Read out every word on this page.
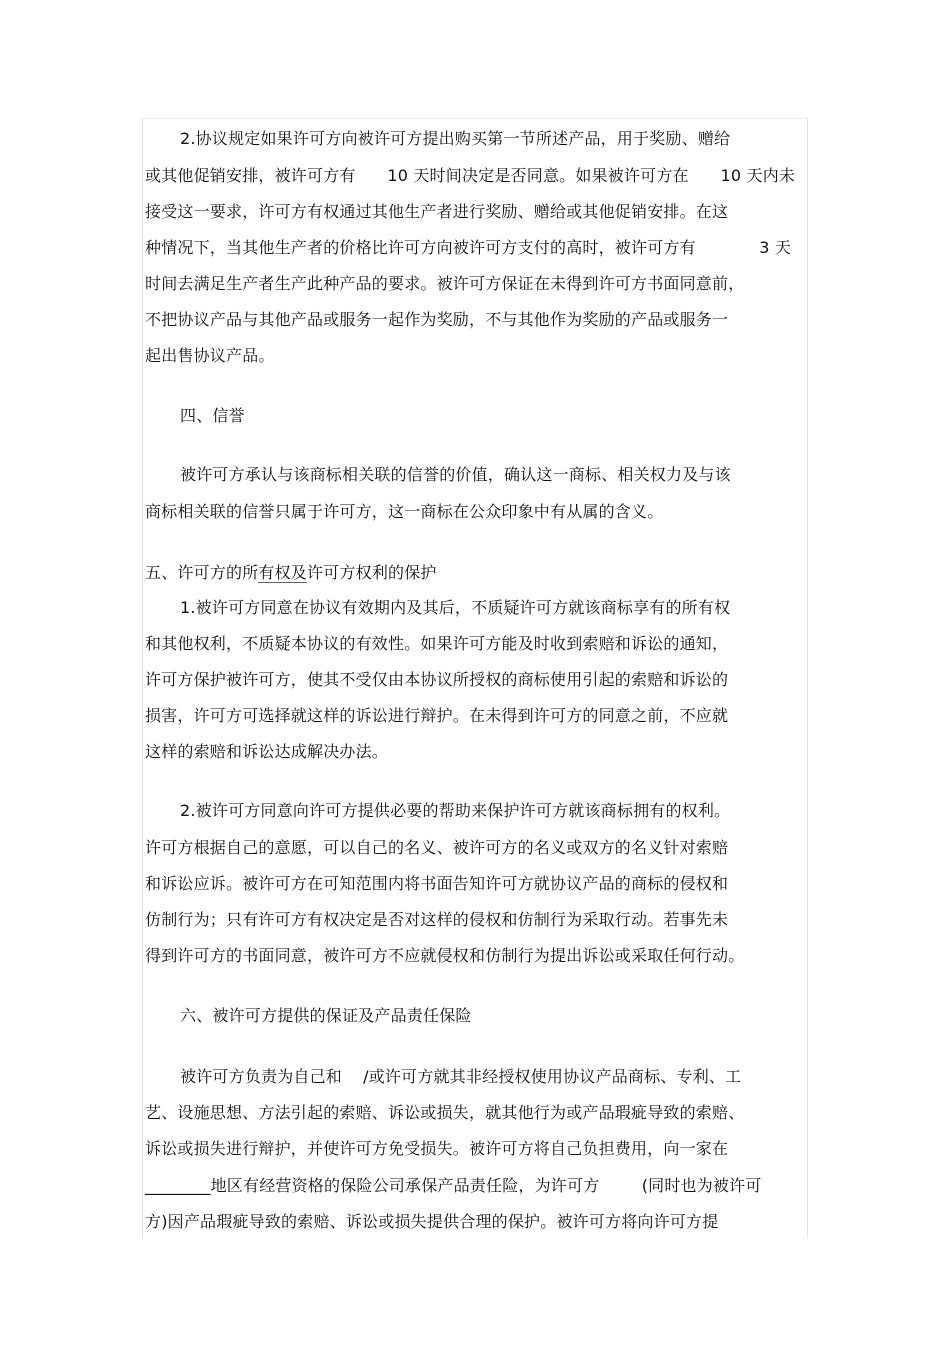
2.协议规定如果许可方向被许可方提出购买第一节所述产品，用于奖励、赠给
或其他促销安排，被许可方有      10 天时间决定是否同意。如果被许可方在      10 天内未
接受这一要求，许可方有权通过其他生产者进行奖励、赠给或其他促销安排。在这
种情况下，当其他生产者的价格比许可方向被许可方支付的高时，被许可方有            3 天
时间去满足生产者生产此种产品的要求。被许可方保证在未得到许可方书面同意前，
不把协议产品与其他产品或服务一起作为奖励，不与其他作为奖励的产品或服务一
起出售协议产品。
四、信誉
被许可方承认与该商标相关联的信誉的价值，确认这一商标、相关权力及与该
商标相关联的信誉只属于许可方，这一商标在公众印象中有从属的含义。
五、许可方的所有权及许可方权利的保护
1.被许可方同意在协议有效期内及其后，不质疑许可方就该商标享有的所有权
和其他权利，不质疑本协议的有效性。如果许可方能及时收到索赔和诉讼的通知，
许可方保护被许可方，使其不受仅由本协议所授权的商标使用引起的索赔和诉讼的
损害，许可方可选择就这样的诉讼进行辩护。在未得到许可方的同意之前，不应就
这样的索赔和诉讼达成解决办法。
2.被许可方同意向许可方提供必要的帮助来保护许可方就该商标拥有的权利。
许可方根据自己的意愿，可以自己的名义、被许可方的名义或双方的名义针对索赔
和诉讼应诉。被许可方在可知范围内将书面告知许可方就协议产品的商标的侵权和
仿制行为；只有许可方有权决定是否对这样的侵权和仿制行为采取行动。若事先未
得到许可方的书面同意，被许可方不应就侵权和仿制行为提出诉讼或采取任何行动。
六、被许可方提供的保证及产品责任保险
被许可方负责为自己和    /或许可方就其非经授权使用协议产品商标、专利、工
艺、设施思想、方法引起的索赔、诉讼或损失，就其他行为或产品瑕疵导致的索赔、
诉讼或损失进行辩护，并使许可方免受损失。被许可方将自己负担费用，向一家在
________地区有经营资格的保险公司承保产品责任险，为许可方        (同时也为被许可
方)因产品瑕疵导致的索赔、诉讼或损失提供合理的保护。被许可方将向许可方提
